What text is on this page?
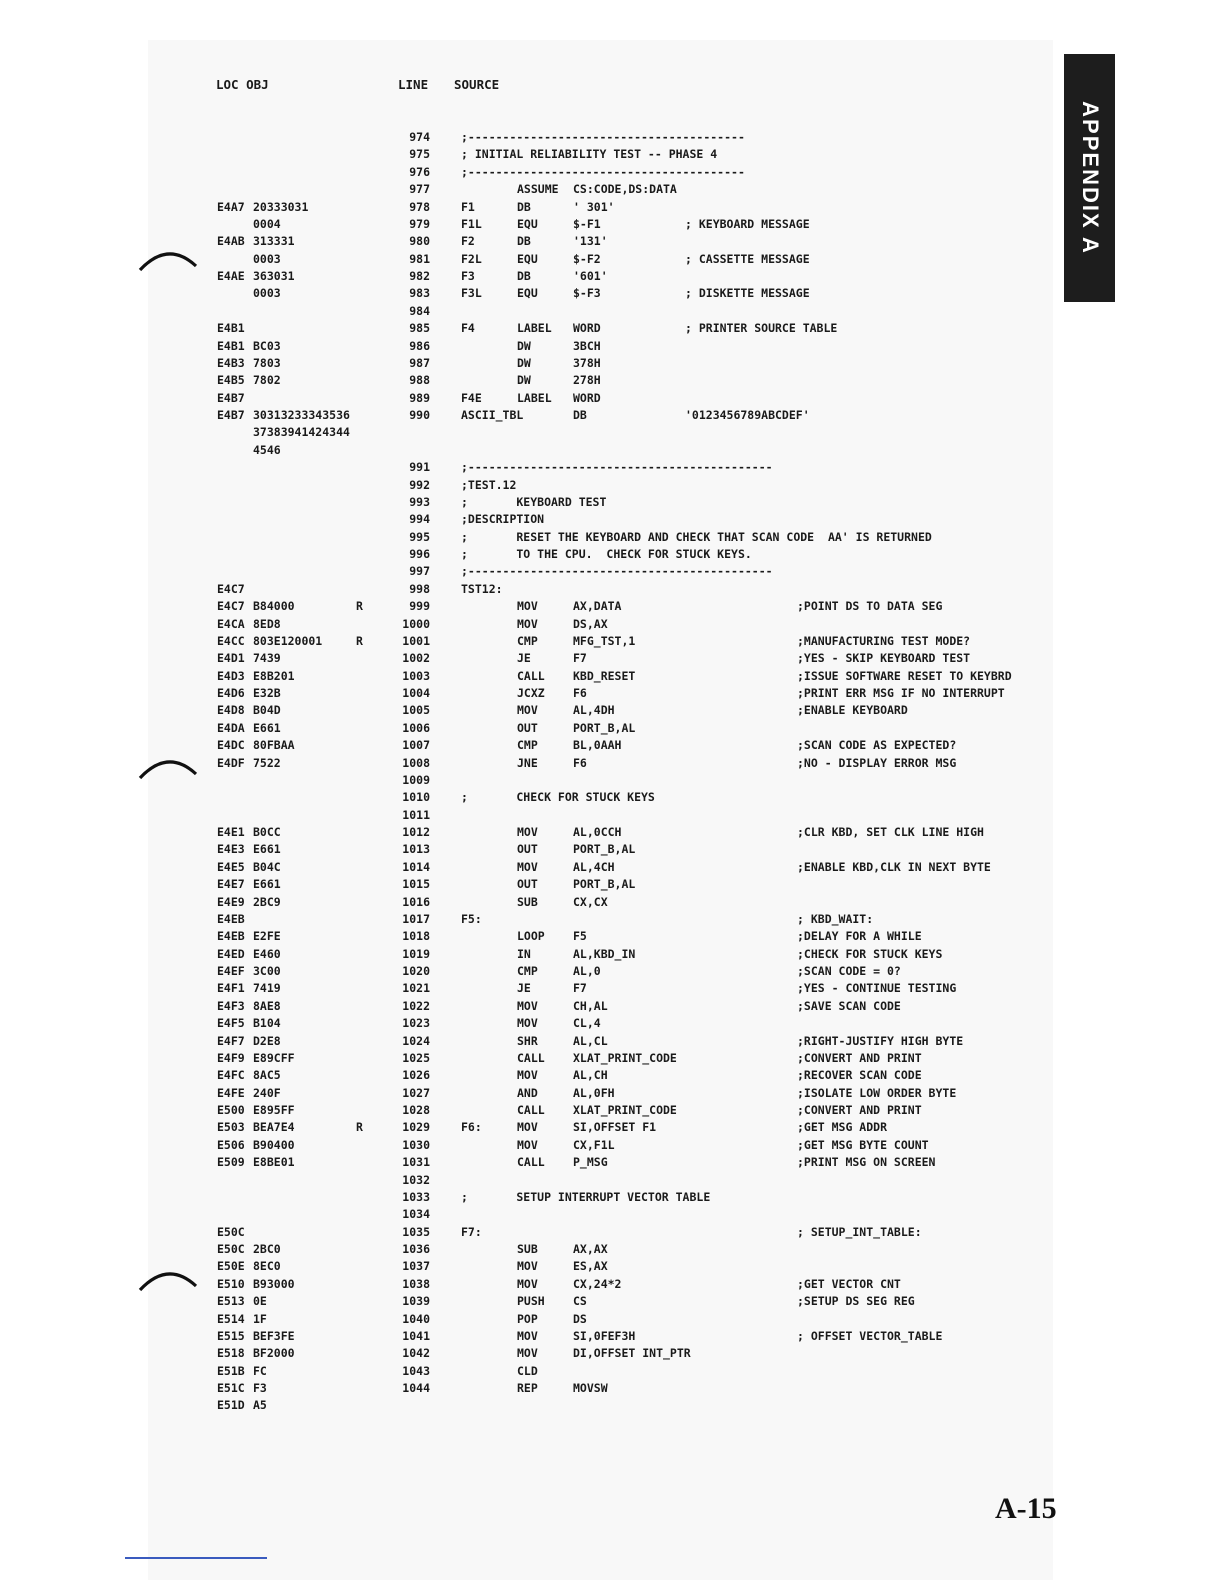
LOC OBJ	LINE SOURCE
974	;----------------------------------------
975	; INITIAL RELIABILITY TEST -- PHASE 4
976	;----------------------------------------
977	ASSUME CS:CODE,DS:DATA
E4A7 20333031	978	F1	DB	' 301'
0004	979	F1L	EQU	$-F1	; KEYBOARD MESSAGE
E4AB 313331	980	F2	DB	'131'
0003	981	F2L	EQU	$-F2	; CASSETTE MESSAGE
E4AE 363031	982	F3	DB	'601'
0003	983	F3L	EQU	$-F3	; DISKETTE MESSAGE
984
E4B1	985	F4	LABEL WORD	; PRINTER SOURCE TABLE
E4B1 BC03	986	DW	3BCH
E4B3 7803	987	DW	378H
E4B5 7802	988	DW	278H
E4B7	989	F4E	LABEL WORD
E4B7 30313233343536	990	ASCII_TBL	DB	'0123456789ABCDEF'
37383941424344
4546
991	;--------------------------------------------
992	;TEST.12
993	;       KEYBOARD TEST
994	;DESCRIPTION
995	;       RESET THE KEYBOARD AND CHECK THAT SCAN CODE  AA' IS RETURNED
996	;       TO THE CPU.  CHECK FOR STUCK KEYS.
997	;--------------------------------------------
E4C7	998	TST12:
E4C7 B84000	R	999	MOV	AX,DATA	;POINT DS TO DATA SEG
E4CA 8ED8	1000	MOV	DS,AX
E4CC 803E120001	R	1001	CMP	MFG_TST,1	;MANUFACTURING TEST MODE?
E4D1 7439	1002	JE	F7	;YES - SKIP KEYBOARD TEST
E4D3 E8B201	1003	CALL KBD_RESET	;ISSUE SOFTWARE RESET TO KEYBRD
E4D6 E32B	1004	JCXZ F6	;PRINT ERR MSG IF NO INTERRUPT
E4D8 B04D	1005	MOV	AL,4DH	;ENABLE KEYBOARD
E4DA E661	1006	OUT	PORT_B,AL
E4DC 80FBAA	1007	CMP	BL,0AAH	;SCAN CODE AS EXPECTED?
E4DF 7522	1008	JNE	F6	;NO - DISPLAY ERROR MSG
1009
1010	;       CHECK FOR STUCK KEYS
1011
E4E1 B0CC	1012	MOV	AL,0CCH	;CLR KBD, SET CLK LINE HIGH
E4E3 E661	1013	OUT	PORT_B,AL
E4E5 B04C	1014	MOV	AL,4CH	;ENABLE KBD,CLK IN NEXT BYTE
E4E7 E661	1015	OUT	PORT_B,AL
E4E9 2BC9	1016	SUB	CX,CX
E4EB	1017	F5:	; KBD_WAIT:
E4EB E2FE	1018	LOOP F5	;DELAY FOR A WHILE
E4ED E460	1019	IN	AL,KBD_IN	;CHECK FOR STUCK KEYS
E4EF 3C00	1020	CMP	AL,0	;SCAN CODE = 0?
E4F1 7419	1021	JE	F7	;YES - CONTINUE TESTING
E4F3 8AE8	1022	MOV	CH,AL	;SAVE SCAN CODE
E4F5 B104	1023	MOV	CL,4
E4F7 D2E8	1024	SHR	AL,CL	;RIGHT-JUSTIFY HIGH BYTE
E4F9 E89CFF	1025	CALL XLAT_PRINT_CODE	;CONVERT AND PRINT
E4FC 8AC5	1026	MOV	AL,CH	;RECOVER SCAN CODE
E4FE 240F	1027	AND	AL,0FH	;ISOLATE LOW ORDER BYTE
E500 E895FF	1028	CALL XLAT_PRINT_CODE	;CONVERT AND PRINT
E503 BEA7E4	R	1029	F6:	MOV	SI,OFFSET F1	;GET MSG ADDR
E506 B90400	1030	MOV	CX,F1L	;GET MSG BYTE COUNT
E509 E8BE01	1031	CALL P_MSG	;PRINT MSG ON SCREEN
1032
1033	;       SETUP INTERRUPT VECTOR TABLE
1034
E50C	1035	F7:	; SETUP_INT_TABLE:
E50C 2BC0	1036	SUB	AX,AX
E50E 8EC0	1037	MOV	ES,AX
E510 B93000	1038	MOV	CX,24*2	;GET VECTOR CNT
E513 0E	1039	PUSH CS	;SETUP DS SEG REG
E514 1F	1040	POP	DS
E515 BEF3FE	1041	MOV	SI,0FEF3H	; OFFSET VECTOR_TABLE
E518 BF2000	1042	MOV	DI,OFFSET INT_PTR
E51B FC	1043	CLD
E51C F3	1044	REP	MOVSW
E51D A5
APPENDIX A
A-15
